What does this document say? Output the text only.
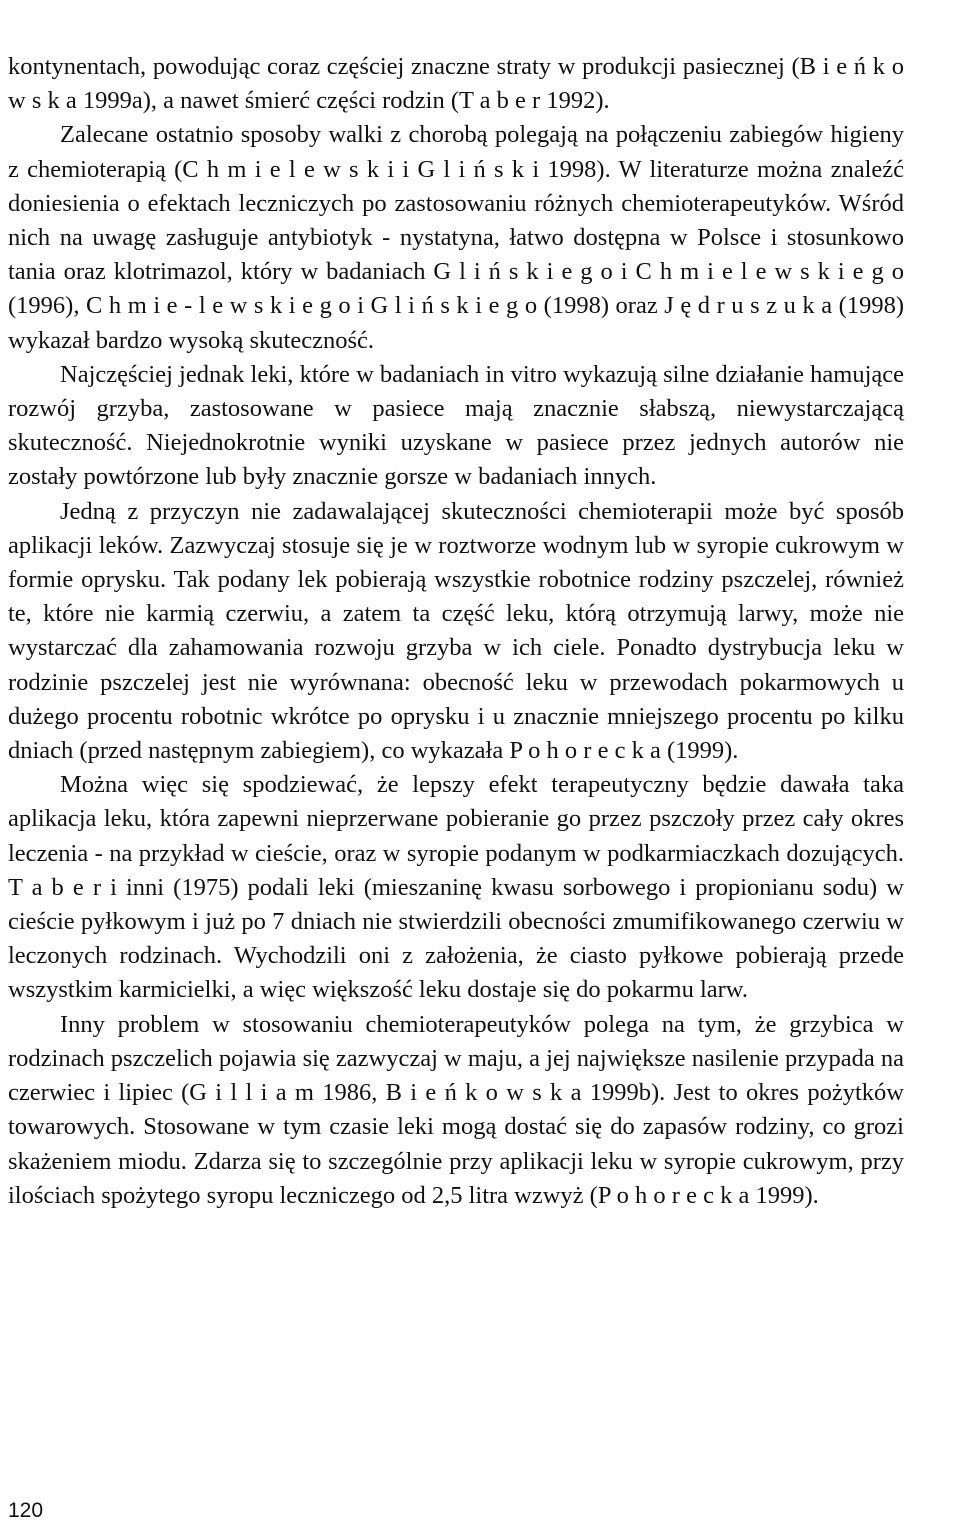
kontynentach, powodując coraz częściej znaczne straty w produkcji pasiecznej (B i e ń k o w s k a 1999a), a nawet śmierć części rodzin (T a b e r 1992).

Zalecane ostatnio sposoby walki z chorobą polegają na połączeniu zabiegów higieny z chemioterapią (C h m i e l e w s k i i G l i ń s k i 1998). W literaturze można znaleźć doniesienia o efektach leczniczych po zastosowaniu różnych chemioterapeutyków. Wśród nich na uwagę zasługuje antybiotyk - nystatyna, łatwo dostępna w Polsce i stosunkowo tania oraz klotrimazol, który w badaniach G l i ń s k i e g o i C h m i e l e w s k i e g o (1996), C h m i e - l e w s k i e g o i G l i ń s k i e g o (1998) oraz J ę d r u s z u k a (1998) wykazał bardzo wysoką skuteczność.

Najczęściej jednak leki, które w badaniach in vitro wykazują silne działanie hamujące rozwój grzyba, zastosowane w pasiece mają znacznie słabszą, niewystarczającą skuteczność. Niejednokrotnie wyniki uzyskane w pasiece przez jednych autorów nie zostały powtórzone lub były znacznie gorsze w badaniach innych.

Jedną z przyczyn nie zadawalającej skuteczności chemioterapii może być sposób aplikacji leków. Zazwyczaj stosuje się je w roztworze wodnym lub w syropie cukrowym w formie oprysku. Tak podany lek pobierają wszystkie robotnice rodziny pszczelej, również te, które nie karmią czerwiu, a zatem ta część leku, którą otrzymują larwy, może nie wystarczać dla zahamowania rozwoju grzyba w ich ciele. Ponadto dystrybucja leku w rodzinie pszczelej jest nie wyrównana: obecność leku w przewodach pokarmowych u dużego procentu robotnic wkrótce po oprysku i u znacznie mniejszego procentu po kilku dniach (przed następnym zabiegiem), co wykazała P o h o r e c k a (1999).

Można więc się spodziewać, że lepszy efekt terapeutyczny będzie dawała taka aplikacja leku, która zapewni nieprzerwane pobieranie go przez pszczoły przez cały okres leczenia - na przykład w cieście, oraz w syropie podanym w podkarmiaczkach dozujących. T a b e r i inni (1975) podali leki (mieszaninę kwasu sorbowego i propionianu sodu) w cieście pyłkowym i już po 7 dniach nie stwierdzili obecności zmumifikowanego czerwiu w leczonych rodzinach. Wychodzili oni z założenia, że ciasto pyłkowe pobierają przede wszystkim karmicielki, a więc większość leku dostaje się do pokarmu larw.

Inny problem w stosowaniu chemioterapeutyków polega na tym, że grzybica w rodzinach pszczelich pojawia się zazwyczaj w maju, a jej największe nasilenie przypada na czerwiec i lipiec (G i l l i a m 1986, B i e ń k o w s k a 1999b). Jest to okres pożytków towarowych. Stosowane w tym czasie leki mogą dostać się do zapasów rodziny, co grozi skażeniem miodu. Zdarza się to szczególnie przy aplikacji leku w syropie cukrowym, przy ilościach spożytego syropu leczniczego od 2,5 litra wzwyż (P o h o r e c k a 1999).

120
